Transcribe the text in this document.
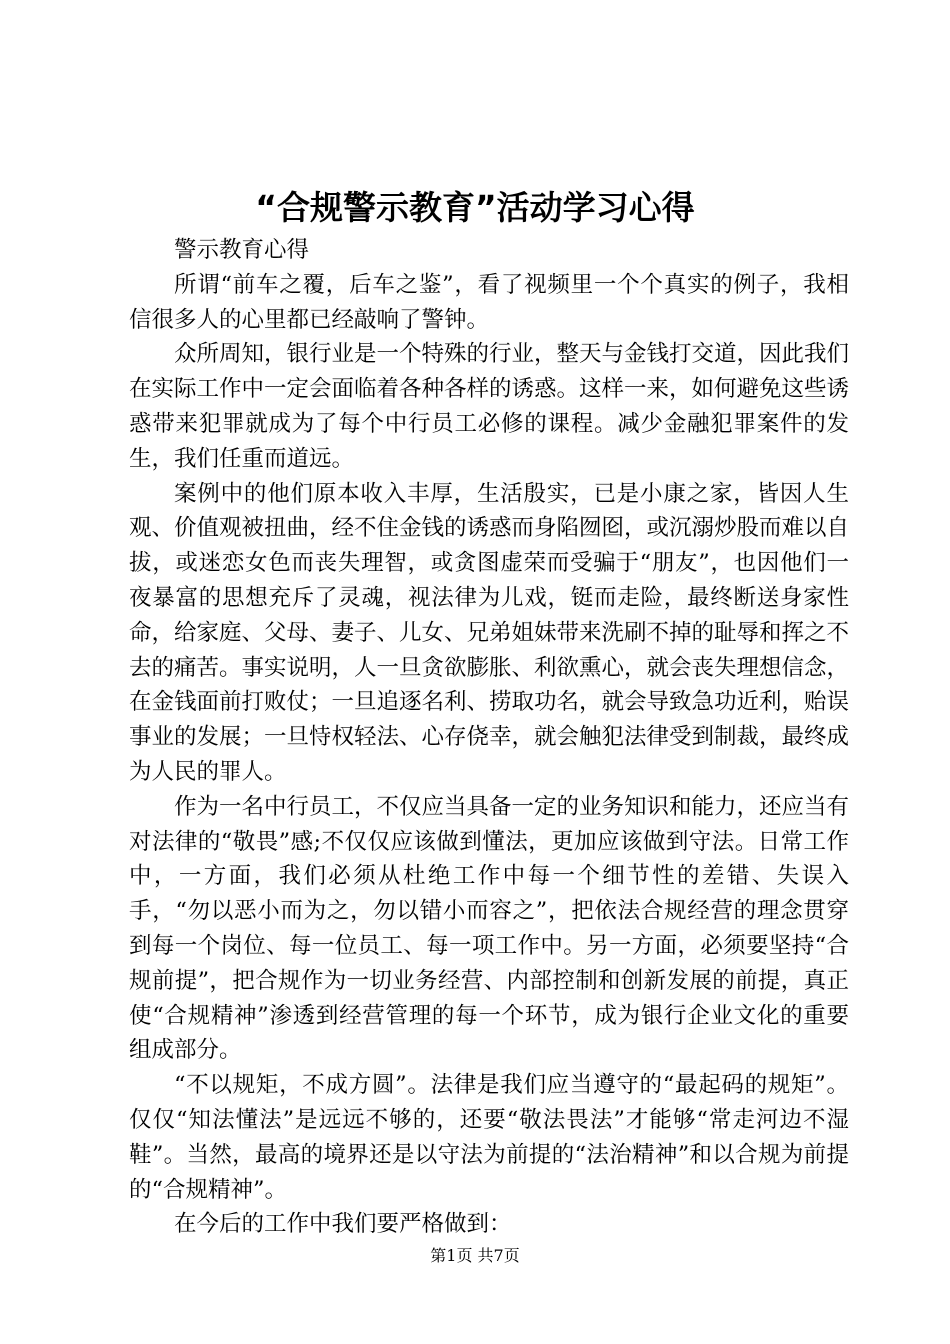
“合规警示教育”活动学习心得

警示教育心得

所谓“前车之覆，后车之鉴”，看了视频里一个个真实的例子，我相信很多人的心里都已经敲响了警钟。

众所周知，银行业是一个特殊的行业，整天与金钱打交道，因此我们在实际工作中一定会面临着各种各样的诱惑。这样一来，如何避免这些诱惑带来犯罪就成为了每个中行员工必修的课程。减少金融犯罪案件的发生，我们任重而道远。

案例中的他们原本收入丰厚，生活殷实，已是小康之家，皆因人生观、价值观被扭曲，经不住金钱的诱惑而身陷囫囵，或沉溺炒股而难以自拔，或迷恋女色而丧失理智，或贪图虚荣而受骗于“朋友”，也因他们一夜暴富的思想充斥了灵魂，视法律为儿戏，铤而走险，最终断送身家性命，给家庭、父母、妻子、儿女、兄弟姐妹带来洗刷不掉的耻辱和挥之不去的痛苦。事实说明，人一旦贪欲膨胀、利欲熏心，就会丧失理想信念，在金钱面前打败仗；一旦追逐名利、捞取功名，就会导致急功近利，贻误事业的发展；一旦恃权轻法、心存侥幸，就会触犯法律受到制裁，最终成为人民的罪人。

作为一名中行员工，不仅应当具备一定的业务知识和能力，还应当有对法律的“敬畏”感;不仅仅应该做到懂法，更加应该做到守法。日常工作中，一方面，我们必须从杜绝工作中每一个细节性的差错、失误入手，“勿以恶小而为之，勿以错小而容之”，把依法合规经营的理念贯穿到每一个岗位、每一位员工、每一项工作中。另一方面，必须要坚持“合规前提”，把合规作为一切业务经营、内部控制和创新发展的前提，真正使“合规精神”渗透到经营管理的每一个环节，成为银行企业文化的重要组成部分。

“不以规矩，不成方圆”。法律是我们应当遵守的“最起码的规矩”。仅仅“知法懂法”是远远不够的，还要“敬法畏法”才能够“常走河边不湿鞋”。当然，最高的境界还是以守法为前提的“法治精神”和以合规为前提的“合规精神”。

在今后的工作中我们要严格做到：

第1页 共7页
